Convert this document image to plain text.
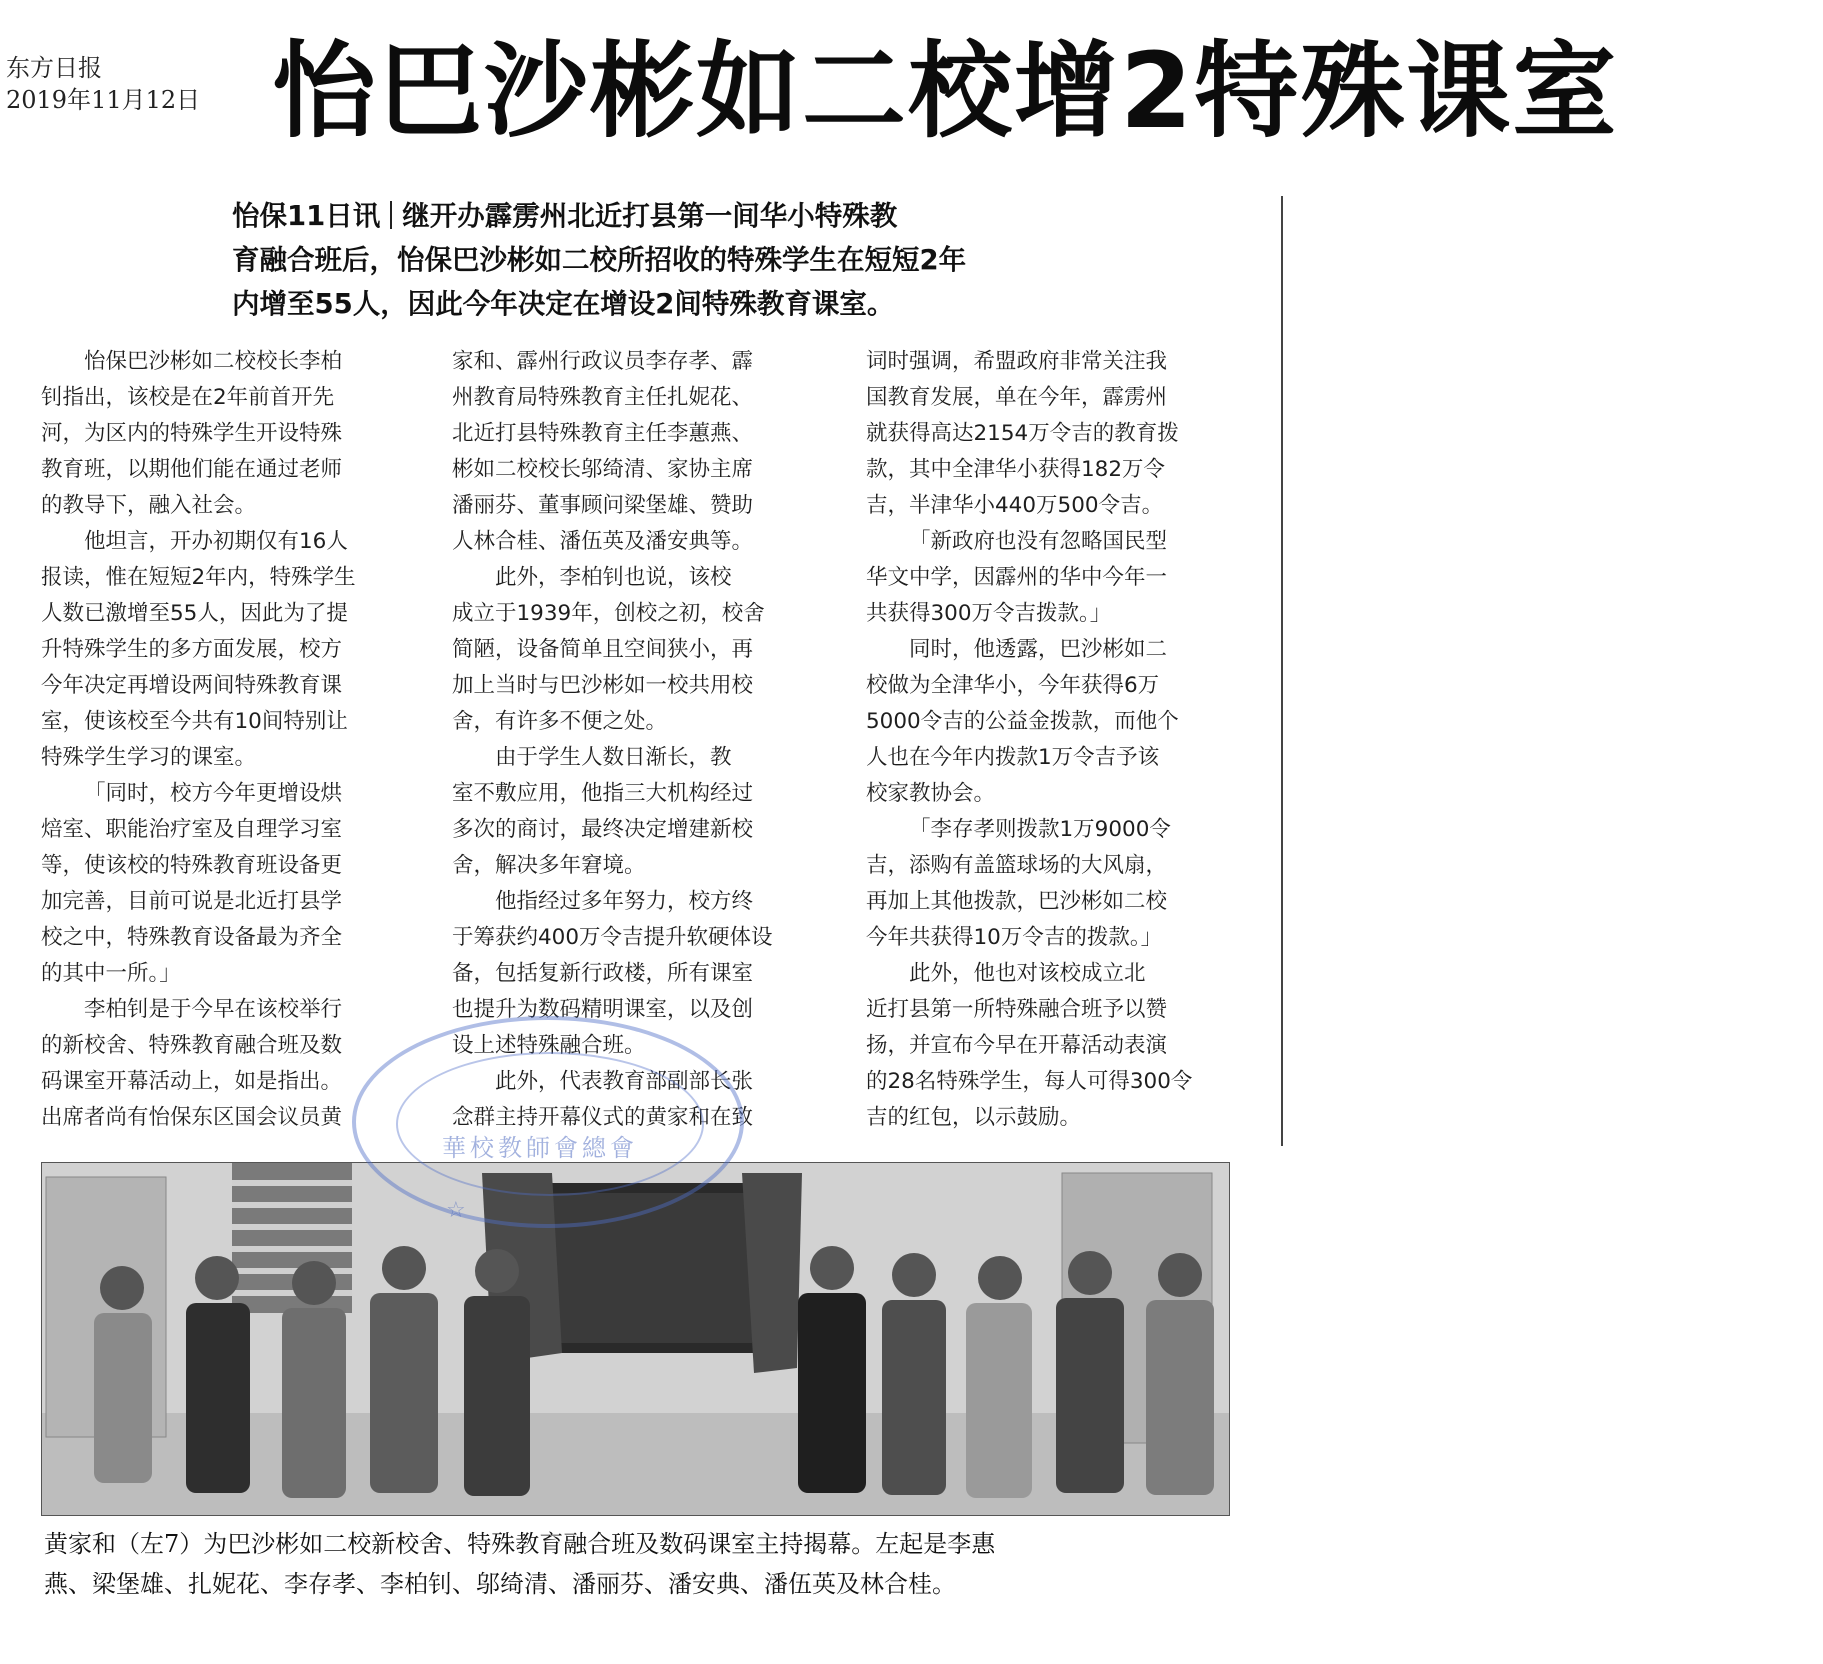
东方日报
2019年11月12日 怡巴沙彬如二校增2特殊课室
怡保11日讯 继开办霹雳州北近打县第一间华小特殊教
育融合班后，怡保巴沙彬如二校所招收的特殊学生在短短2年
内增至55人，因此今年决定在增设2间特殊教育课室。
怡保巴沙彬如二校校长李柏
钊指出，该校是在2年前首开先
河，为区内的特殊学生开设特殊
教育班，以期他们能在通过老师
的教导下，融入社会。
他坦言，开办初期仅有16人
报读，惟在短短2年内，特殊学生
人数已激增至55人，因此为了提
升特殊学生的多方面发展，校方
今年决定再增设两间特殊教育课
室，使该校至今共有10间特别让
特殊学生学习的课室。
「同时，校方今年更增设烘
焙室、职能治疗室及自理学习室
等，使该校的特殊教育班设备更
加完善，目前可说是北近打县学
校之中，特殊教育设备最为齐全
的其中一所。」
李柏钊是于今早在该校举行
的新校舍、特殊教育融合班及数
码课室开幕活动上，如是指出。
出席者尚有怡保东区国会议员黄
家和、霹州行政议员李存孝、霹
州教育局特殊教育主任扎妮花、
北近打县特殊教育主任李蕙燕、
彬如二校校长邬绮清、家协主席
潘丽芬、董事顾问梁堡雄、赞助
人林合桂、潘伍英及潘安典等。
此外，李柏钊也说，该校
成立于1939年，创校之初，校舍
简陋，设备简单且空间狭小，再
加上当时与巴沙彬如一校共用校
舍，有许多不便之处。
由于学生人数日渐长，教
室不敷应用，他指三大机构经过
多次的商讨，最终决定增建新校
舍，解决多年窘境。
他指经过多年努力，校方终
于筹获约400万令吉提升软硬体设
备，包括复新行政楼，所有课室
也提升为数码精明课室，以及创
设上述特殊融合班。
此外，代表教育部副部长张
念群主持开幕仪式的黄家和在致
词时强调，希盟政府非常关注我
国教育发展，单在今年，霹雳州
就获得高达2154万令吉的教育拨
款，其中全津华小获得182万令
吉，半津华小440万500令吉。
「新政府也没有忽略国民型
华文中学，因霹州的华中今年一
共获得300万令吉拨款。」
同时，他透露，巴沙彬如二
校做为全津华小，今年获得6万
5000令吉的公益金拨款，而他个
人也在今年内拨款1万令吉予该
校家教协会。
「李存孝则拨款1万9000令
吉，添购有盖篮球场的大风扇，
再加上其他拨款，巴沙彬如二校
今年共获得10万令吉的拨款。」
此外，他也对该校成立北
近打县第一所特殊融合班予以赞
扬，并宣布今早在开幕活动表演
的28名特殊学生，每人可得300令
吉的红包，以示鼓励。
華校教師會總會
☆
黄家和（左7）为巴沙彬如二校新校舍、特殊教育融合班及数码课室主持揭幕。左起是李惠
燕、梁堡雄、扎妮花、李存孝、李柏钊、邬绮清、潘丽芬、潘安典、潘伍英及林合桂。
